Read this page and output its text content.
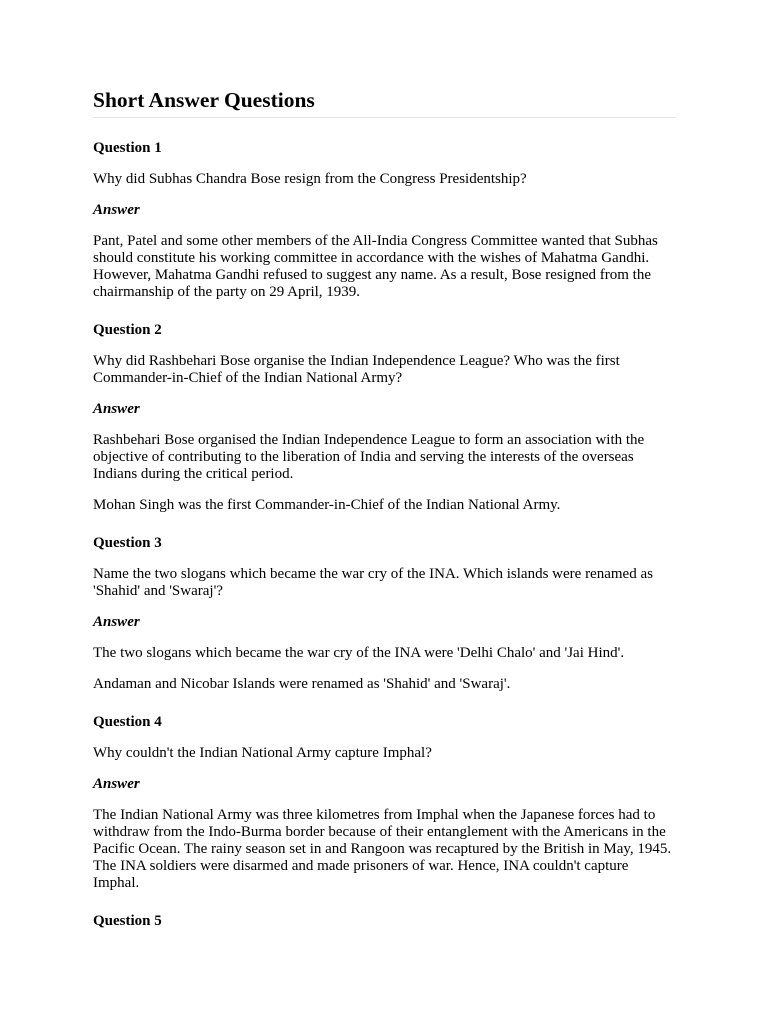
Short Answer Questions

Question 1

Why did Subhas Chandra Bose resign from the Congress Presidentship?

Answer

Pant, Patel and some other members of the All-India Congress Committee wanted that Subhas should constitute his working committee in accordance with the wishes of Mahatma Gandhi. However, Mahatma Gandhi refused to suggest any name. As a result, Bose resigned from the chairmanship of the party on 29 April, 1939.

Question 2

Why did Rashbehari Bose organise the Indian Independence League? Who was the first Commander-in-Chief of the Indian National Army?

Answer

Rashbehari Bose organised the Indian Independence League to form an association with the objective of contributing to the liberation of India and serving the interests of the overseas Indians during the critical period.

Mohan Singh was the first Commander-in-Chief of the Indian National Army.

Question 3

Name the two slogans which became the war cry of the INA. Which islands were renamed as 'Shahid' and 'Swaraj'?

Answer

The two slogans which became the war cry of the INA were 'Delhi Chalo' and 'Jai Hind'.

Andaman and Nicobar Islands were renamed as 'Shahid' and 'Swaraj'.

Question 4

Why couldn't the Indian National Army capture Imphal?

Answer

The Indian National Army was three kilometres from Imphal when the Japanese forces had to withdraw from the Indo-Burma border because of their entanglement with the Americans in the Pacific Ocean. The rainy season set in and Rangoon was recaptured by the British in May, 1945. The INA soldiers were disarmed and made prisoners of war. Hence, INA couldn't capture Imphal.

Question 5
